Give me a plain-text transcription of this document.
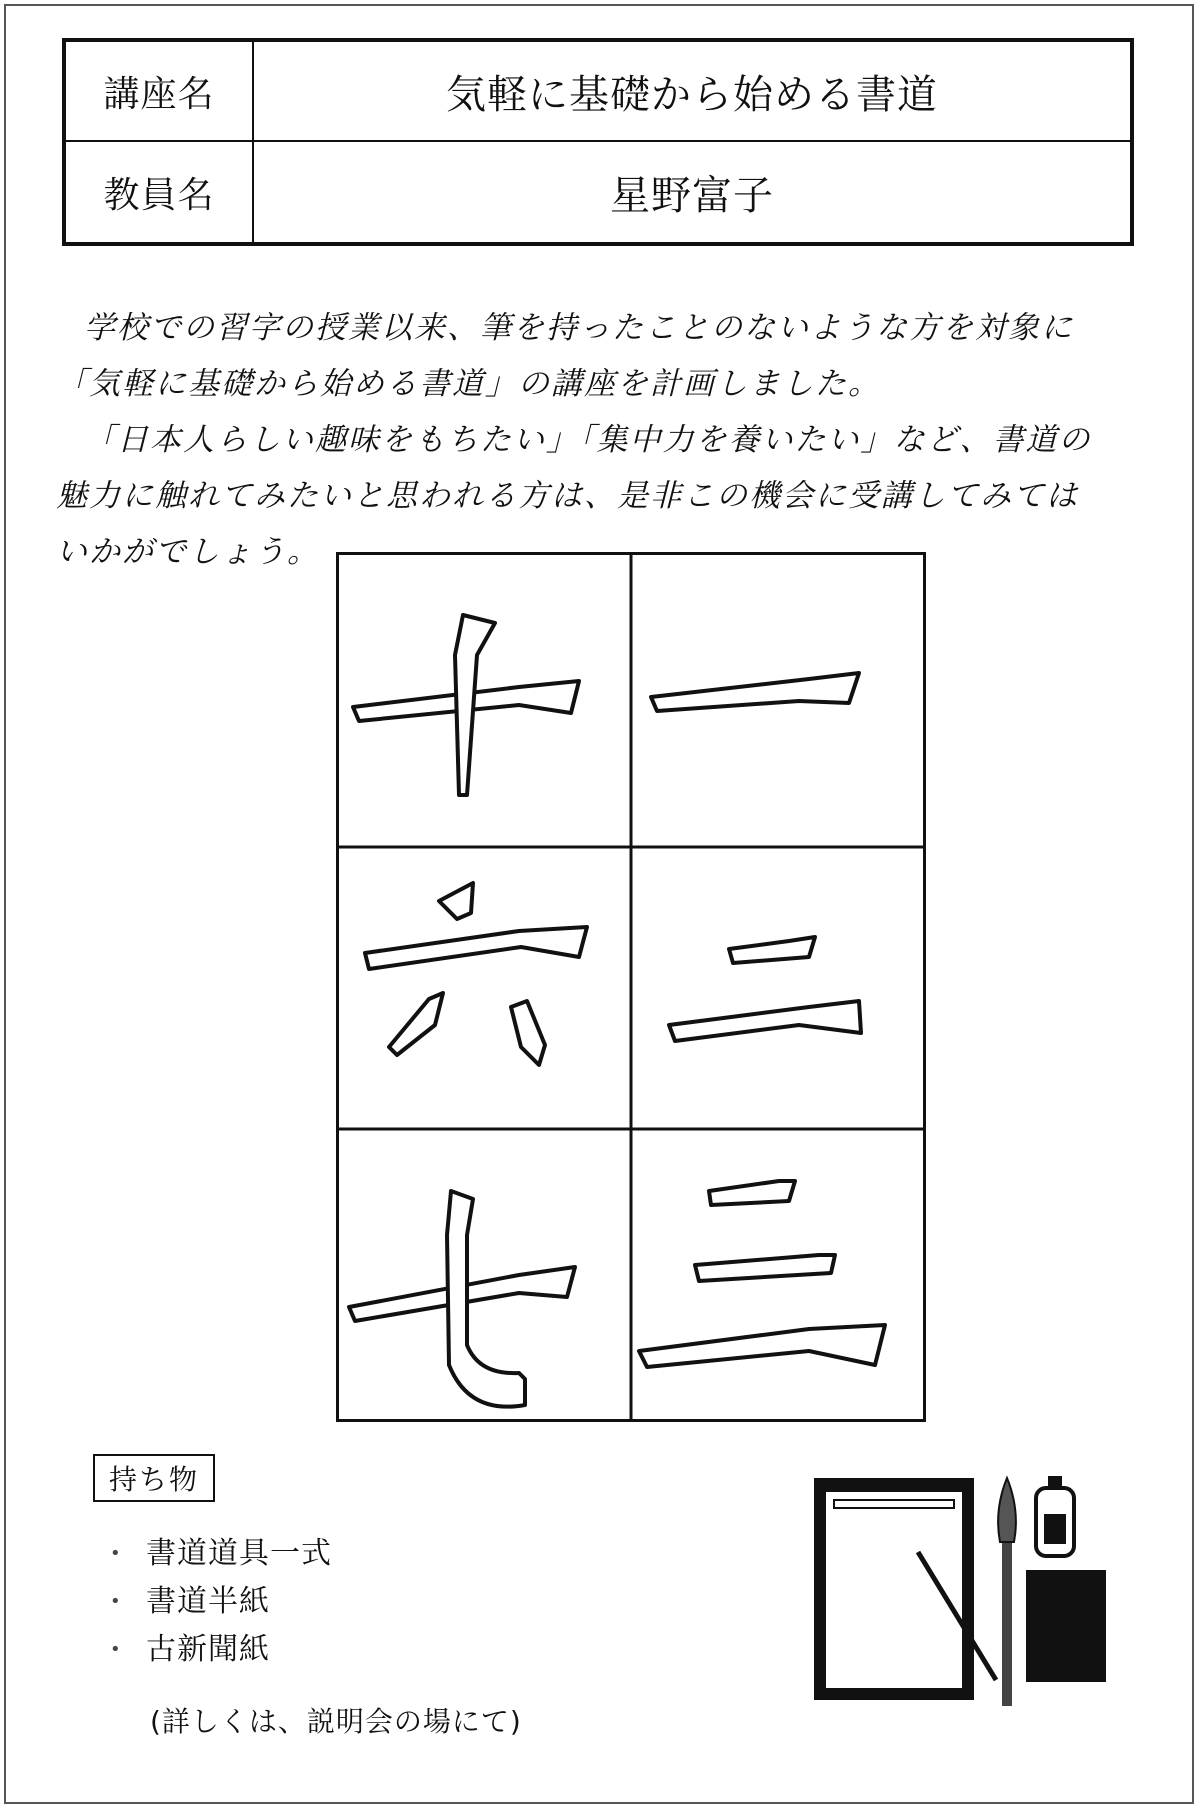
講座名	気軽に基礎から始める書道
教員名	星野富子

学校での習字の授業以来、筆を持ったことのないような方を対象に

「気軽に基礎から始める書道」の講座を計画しました。

「日本人らしい趣味をもちたい」「集中力を養いたい」など、書道の

魅力に触れてみたいと思われる方は、是非この機会に受講してみては

いかがでしょう。

持ち物
• 書道道具一式
• 書道半紙
• 古新聞紙
(詳しくは、説明会の場にて)
